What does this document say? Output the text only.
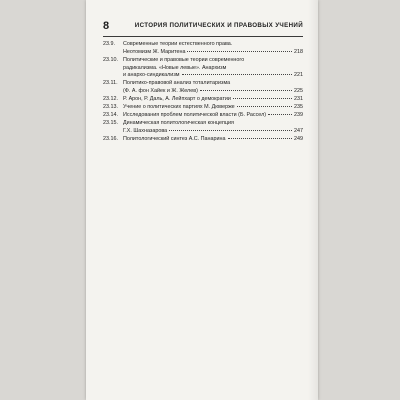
8	ИСТОРИЯ ПОЛИТИЧЕСКИХ И ПРАВОВЫХ УЧЕНИЙ
23.9.	Современные теории естественного права.
Неотомизм Ж. Маритена	218
23.10. Политические и правовые теории современного
радикализма. «Новые левые». Анархизм
и анархо-синдикализм	221
23.11.	Политико-правовой анализ тоталитаризма
(Ф. А. фон Хайек и Ж. Желев)	225
23.12. Р. Арон, Р. Даль, А. Лейпхарт о демократии	231
23.13. Учение о политических партиях М. Дюверже	235
23.14. Исследования проблем политической власти (Б. Рассел)	239
23.15. Динамическая политологическая концепция
Г.Х. Шахназарова	247
23.16. Политологический синтез А.С. Панарина	249
